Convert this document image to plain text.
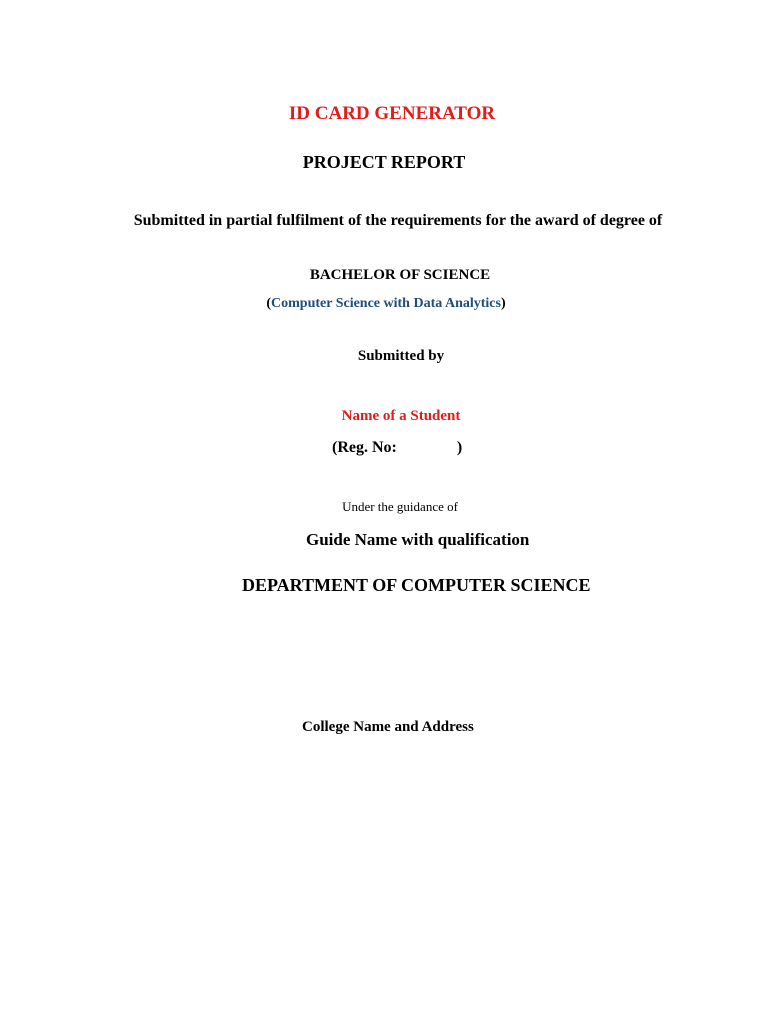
ID CARD GENERATOR
PROJECT REPORT
Submitted in partial fulfilment of the requirements for the award of degree of
BACHELOR OF SCIENCE
(Computer Science with Data Analytics)
Submitted by
Name of a Student
(Reg. No:	)
Under the guidance of
Guide Name with qualification
DEPARTMENT OF COMPUTER SCIENCE
College Name and Address
